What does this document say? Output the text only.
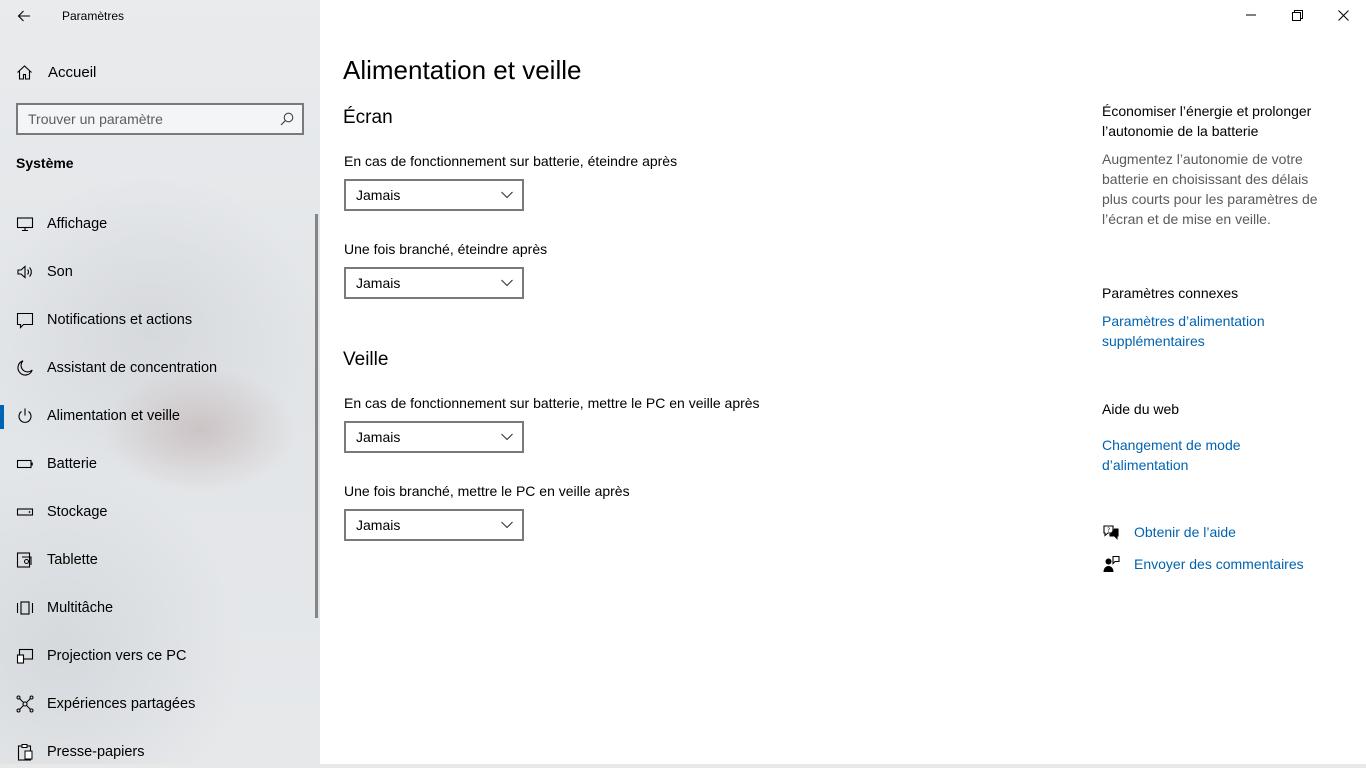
Paramètres
Accueil
Trouver un paramètre
Système
Affichage
Son
Notifications et actions
Assistant de concentration
Alimentation et veille
Batterie
Stockage
Tablette
Multitâche
Projection vers ce PC
Expériences partagées
Presse-papiers
Alimentation et veille
Écran
En cas de fonctionnement sur batterie, éteindre après
Jamais
Une fois branché, éteindre après
Jamais
Veille
En cas de fonctionnement sur batterie, mettre le PC en veille après
Jamais
Une fois branché, mettre le PC en veille après
Jamais
Économiser l’énergie et prolonger
l’autonomie de la batterie
Augmentez l’autonomie de votre
batterie en choisissant des délais
plus courts pour les paramètres de
l’écran et de mise en veille.
Paramètres connexes
Paramètres d’alimentation
supplémentaires
Aide du web
Changement de mode
d’alimentation
? Obtenir de l’aide
Envoyer des commentaires
